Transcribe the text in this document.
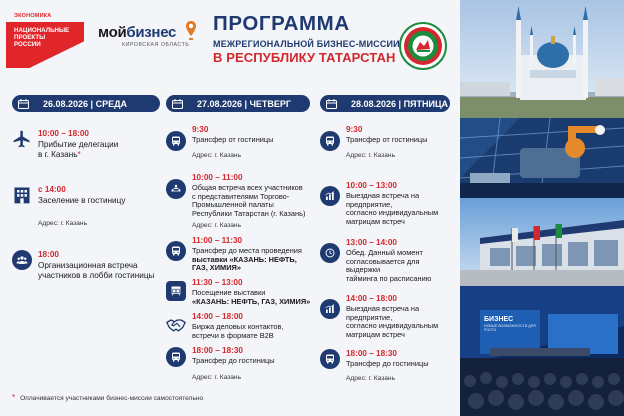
ЭКОНОМИКА
НАЦИОНАЛЬНЫЕ
ПРОЕКТЫ
РОССИИ
мойбизнес
КИРОВСКАЯ ОБЛАСТЬ
ПРОГРАММА
МЕЖРЕГИОНАЛЬНОЙ БИЗНЕС-МИССИИ
В РЕСПУБЛИКУ ТАТАРСТАН
26.08.2026 | СРЕДА
10:00 – 18:00
Прибытие делегации
в г. Казань*
с 14:00
Заселение в гостиницу
Адрес: г. Казань
18:00
Организационная встреча
участников в лобби гостиницы
27.08.2026 | ЧЕТВЕРГ
9:30
Трансфер от гостиницы
Адрес: г. Казань
10:00 – 11:00
Общая встреча всех участников
с представителями Торгово-
Промышленной палаты
Республики Татарстан (г. Казань)
Адрес: г. Казань
11:00 – 11:30
Трансфер до места проведения
выставки «КАЗАНЬ: НЕФТЬ,
ГАЗ, ХИМИЯ»
11:30 – 13:00
Посещение выставки
«КАЗАНЬ: НЕФТЬ, ГАЗ, ХИМИЯ»
14:00 – 18:00
Биржа деловых контактов,
встречи в формате B2B
18:00 – 18:30
Трансфер до гостиницы
Адрес: г. Казань
28.08.2026 | ПЯТНИЦА
9:30
Трансфер от гостиницы
Адрес: г. Казань
10:00 – 13:00
Выездная встреча на предприятие,
согласно индивидуальным
матрицам встреч
13:00 – 14:00
Обед. Данный момент
согласовывается для выдержки
тайминга по расписанию
14:00 – 18:00
Выездная встреча на предприятие,
согласно индивидуальным
матрицам встреч
18:00 – 18:30
Трансфер до гостиницы
Адрес: г. Казань
БИЗНЕС
НОВЫЕ ВОЗМОЖНОСТИ ДЛЯ РОСТА
* Оплачивается участниками бизнес-миссии самостоятельно
